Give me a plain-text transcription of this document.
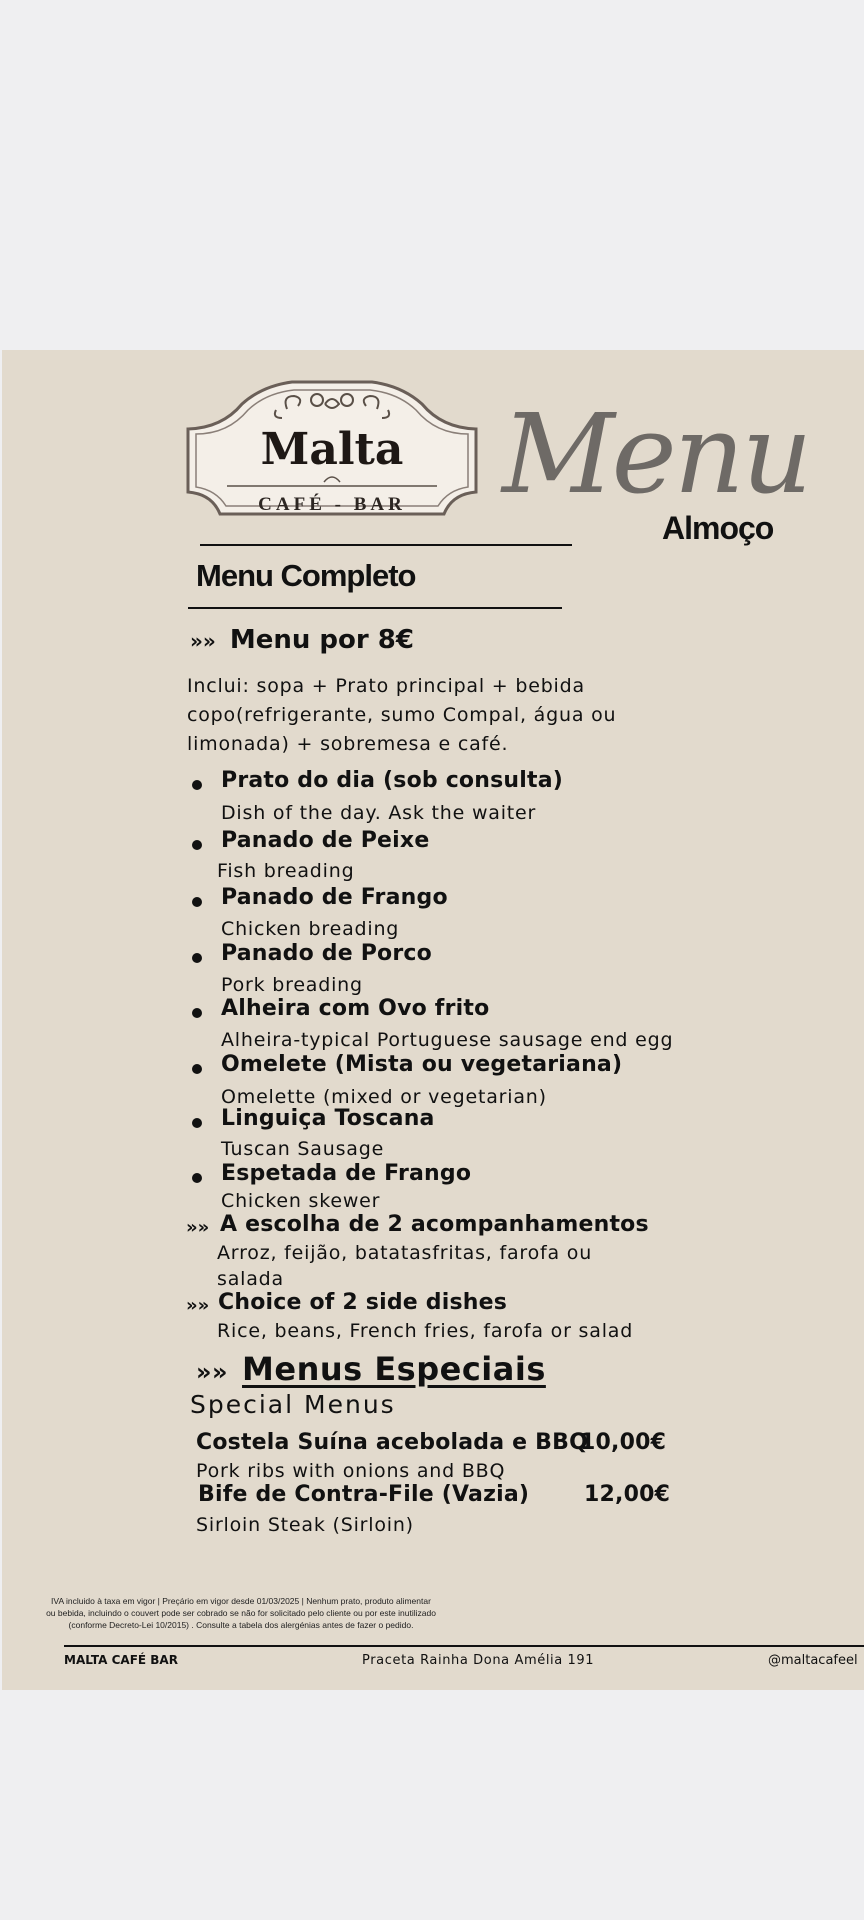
Malta
CAFÉ - BAR Menu
Almoço
Menu Completo
»» Menu por 8€
Inclui: sopa + Prato principal + bebida copo(refrigerante, sumo Compal, água ou limonada) + sobremesa e café.
Prato do dia (sob consulta)
Dish of the day. Ask the waiter
Panado de Peixe
Fish breading
Panado de Frango
Chicken breading
Panado de Porco
Pork breading
Alheira com Ovo frito
Alheira-typical Portuguese sausage end egg
Omelete (Mista ou vegetariana)
Omelette (mixed or vegetarian)
Linguiça Toscana
Tuscan Sausage
Espetada de Frango
Chicken skewer
»» A escolha de 2 acompanhamentos
Arroz, feijão, batatasfritas, farofa ou
salada
»» Choice of 2 side dishes
Rice, beans, French fries, farofa or salad
»» Menus Especiais
Special Menus
Costela Suína acebolada e BBQ
10,00€
Pork ribs with onions and BBQ
Bife de Contra-File (Vazia) 12,00€
Sirloin Steak (Sirloin)
IVA incluido à taxa em vigor | Preçário em vigor desde 01/03/2025 | Nenhum prato, produto alimentar
ou bebida, incluindo o couvert pode ser cobrado se não for solicitado pelo cliente ou por este inutilizado
(conforme Decreto-Lei 10/2015) . Consulte a tabela dos alergénias antes de fazer o pedido.
MALTA CAFÉ BAR	Praceta Rainha Dona Amélia 191	@maltacafeel
